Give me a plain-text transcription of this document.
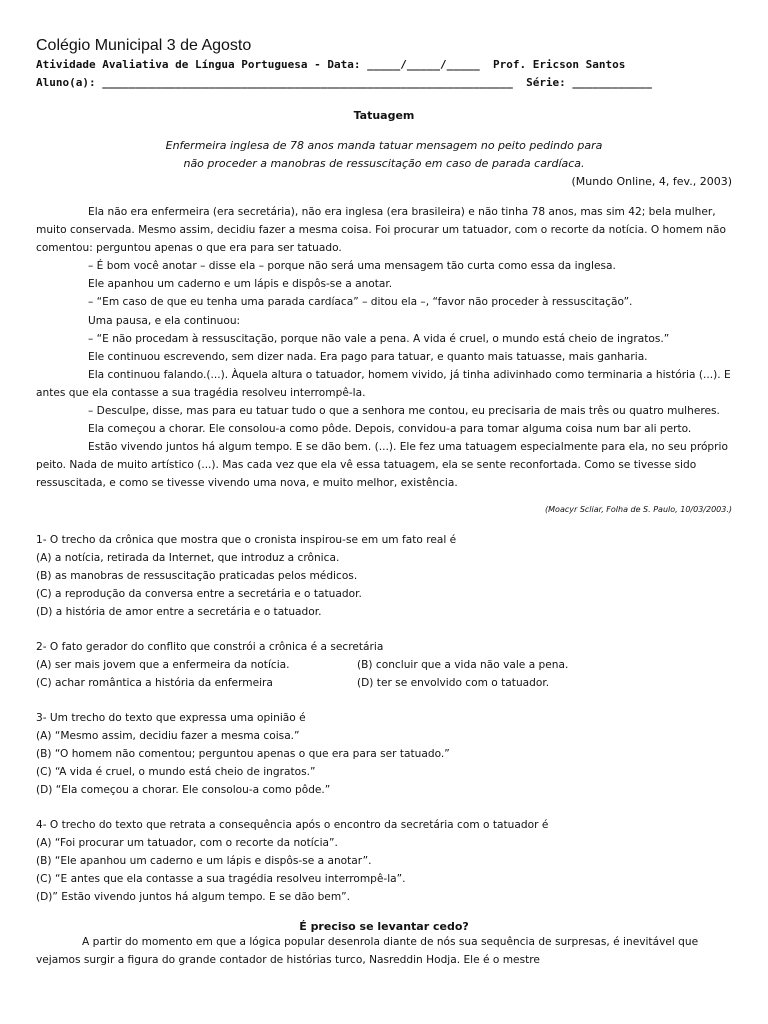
Colégio Municipal 3 de Agosto
Atividade Avaliativa de Língua Portuguesa - Data: _____/_____/_____  Prof. Ericson Santos
Aluno(a): ______________________________________________________________  Série: ____________
Tatuagem
Enfermeira inglesa de 78 anos manda tatuar mensagem no peito pedindo para
não proceder a manobras de ressuscitação em caso de parada cardíaca.
(Mundo Online, 4, fev., 2003)

Ela não era enfermeira (era secretária), não era inglesa (era brasileira) e não tinha 78 anos, mas sim 42; bela mulher, muito conservada. Mesmo assim, decidiu fazer a mesma coisa. Foi procurar um tatuador, com o recorte da notícia. O homem não comentou: perguntou apenas o que era para ser tatuado.

– É bom você anotar – disse ela – porque não será uma mensagem tão curta como essa da inglesa.

Ele apanhou um caderno e um lápis e dispôs-se a anotar.

– “Em caso de que eu tenha uma parada cardíaca” – ditou ela –, “favor não proceder à ressuscitação”.

Uma pausa, e ela continuou:

– “E não procedam à ressuscitação, porque não vale a pena. A vida é cruel, o mundo está cheio de ingratos.”

Ele continuou escrevendo, sem dizer nada. Era pago para tatuar, e quanto mais tatuasse, mais ganharia.

Ela continuou falando.(...). Àquela altura o tatuador, homem vivido, já tinha adivinhado como terminaria a história (...). E antes que ela contasse a sua tragédia resolveu interrompê-la.

– Desculpe, disse, mas para eu tatuar tudo o que a senhora me contou, eu precisaria de mais três ou quatro mulheres.

Ela começou a chorar. Ele consolou-a como pôde. Depois, convidou-a para tomar alguma coisa num bar ali perto.

Estão vivendo juntos há algum tempo. E se dão bem. (...). Ele fez uma tatuagem especialmente para ela, no seu próprio peito. Nada de muito artístico (...). Mas cada vez que ela vê essa tatuagem, ela se sente reconfortada. Como se tivesse sido ressuscitada, e como se tivesse vivendo uma nova, e muito melhor, existência.

(Moacyr Scliar, Folha de S. Paulo, 10/03/2003.)
1- O trecho da crônica que mostra que o cronista inspirou-se em um fato real é
(A) a notícia, retirada da Internet, que introduz a crônica.
(B) as manobras de ressuscitação praticadas pelos médicos.
(C) a reprodução da conversa entre a secretária e o tatuador.
(D) a história de amor entre a secretária e o tatuador.
2- O fato gerador do conflito que constrói a crônica é a secretária
(A) ser mais jovem que a enfermeira da notícia.	(B) concluir que a vida não vale a pena.
(C) achar romântica a história da enfermeira	(D) ter se envolvido com o tatuador.
3- Um trecho do texto que expressa uma opinião é
(A) “Mesmo assim, decidiu fazer a mesma coisa.”
(B) “O homem não comentou; perguntou apenas o que era para ser tatuado.”
(C) “A vida é cruel, o mundo está cheio de ingratos.”
(D) “Ela começou a chorar. Ele consolou-a como pôde.”
4- O trecho do texto que retrata a consequência após o encontro da secretária com o tatuador é
(A) “Foi procurar um tatuador, com o recorte da notícia”.
(B) “Ele apanhou um caderno e um lápis e dispôs-se a anotar”.
(C) “E antes que ela contasse a sua tragédia resolveu interrompê-la”.
(D)” Estão vivendo juntos há algum tempo. E se dão bem”.
É preciso se levantar cedo?

A partir do momento em que a lógica popular desenrola diante de nós sua sequência de surpresas, é inevitável que vejamos surgir a figura do grande contador de histórias turco, Nasreddin Hodja. Ele é o mestre
